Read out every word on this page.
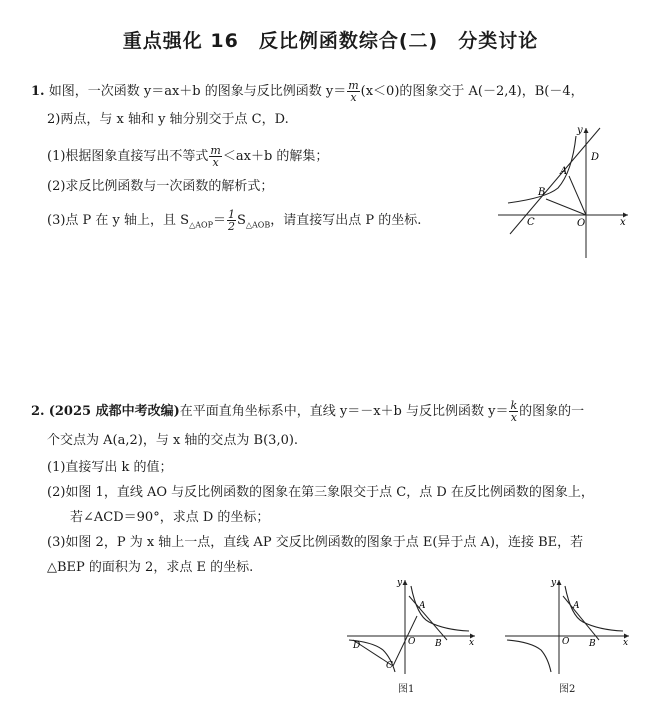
重点强化 16　反比例函数综合(二)　分类讨论
1. 如图，一次函数 y＝ax＋b 的图象与反比例函数 $y= \frac{m}{x} (x<0)$的图象交于 A(－2,4)，B(－4，
2)两点，与 x 轴和 y 轴分别交于点 C，D.
(1)根据图象直接写出不等式 $\frac{m}{x} <ax+b$ 的解集；
(2)求反比例函数与一次函数的解析式；
(3)点 P 在 y 轴上，且 $S_{\triangle AOP}= \frac{1}{2} S_{\triangle AOB}$，请直接写出点 P 的坐标.
y
x
A
B
C
D
O
2. (2025 成都中考改编)在平面直角坐标系中，直线 y＝－x＋b 与反比例函数 $y= \frac{k}{x}$ 的图象的一
个交点为 A(a,2)，与 x 轴的交点为 B(3,0).
(1)直接写出 k 的值；
(2)如图 1，直线 AO 与反比例函数的图象在第三象限交于点 C，点 D 在反比例函数的图象上，
若∠ACD＝90°，求点 D 的坐标；
(3)如图 2，P 为 x 轴上一点，直线 AP 交反比例函数的图象于点 E(异于点 A)，连接 BE，若
△BEP 的面积为 2，求点 E 的坐标.
y
x
A
B
C
D	O
图1
y
x
A
B
O
图2
